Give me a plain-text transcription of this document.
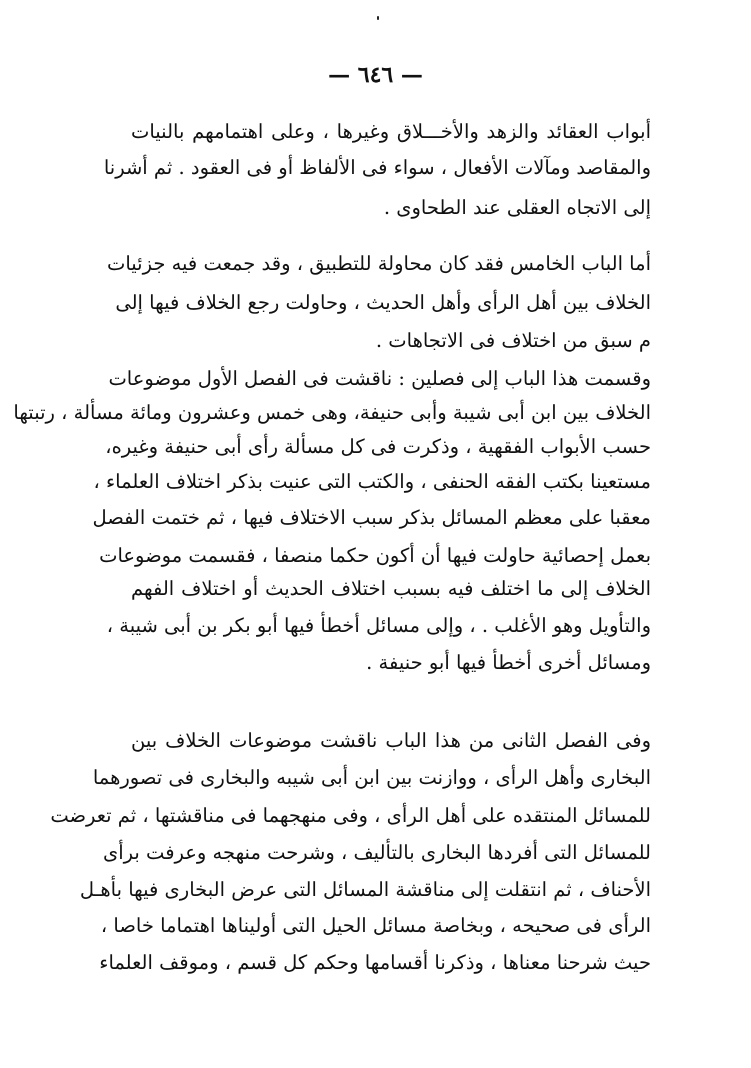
— ٦٤٦ —
أبواب العقائد والزهد والأخـــلاق وغيرها ، وعلى اهتمامهم بالنيات
والمقاصد ومآلات الأفعال ، سواء فى الألفاظ أو فى العقود . ثم أشرنا
إلى الاتجاه العقلى عند الطحاوى .
أما الباب الخامس فقد كان محاولة للتطبيق ، وقد جمعت فيه جزئيات
الخلاف بين أهل الرأى وأهل الحديث ، وحاولت رجع الخلاف فيها إلى
م سبق من اختلاف فى الاتجاهات .
وقسمت هذا الباب إلى فصلين : ناقشت فى الفصل الأول موضوعات
الخلاف بين ابن أبى شيبة وأبى حنيفة، وهى خمس وعشرون ومائة مسألة ، رتبتها
حسب الأبواب الفقهية ، وذكرت فى كل مسألة رأى أبى حنيفة وغيره،
مستعينا بكتب الفقه الحنفى ، والكتب التى عنيت بذكر اختلاف العلماء ،
معقبا على معظم المسائل بذكر سبب الاختلاف فيها ، ثم ختمت الفصل
بعمل إحصائية حاولت فيها أن أكون حكما منصفا ، فقسمت موضوعات
الخلاف إلى ما اختلف فيه بسبب اختلاف الحديث أو اختلاف الفهم
والتأويل وهو الأغلب . ، وإلى مسائل أخطأ فيها أبو بكر بن أبى شيبة ،
ومسائل أخرى أخطأ فيها أبو حنيفة .
وفى الفصل الثانى من هذا الباب ناقشت موضوعات الخلاف بين
البخارى وأهل الرأى ، ووازنت بين ابن أبى شيبه والبخارى فى تصورهما
للمسائل المنتقده على أهل الرأى ، وفى منهجهما فى مناقشتها ، ثم تعرضت
للمسائل التى أفردها البخارى بالتأليف ، وشرحت منهجه وعرفت برأى
الأحناف ، ثم انتقلت إلى مناقشة المسائل التى عرض البخارى فيها بأهـل
الرأى فى صحيحه ، وبخاصة مسائل الحيل التى أوليناها اهتماما خاصا ،
حيث شرحنا معناها ، وذكرنا أقسامها وحكم كل قسم ، وموقف العلماء
